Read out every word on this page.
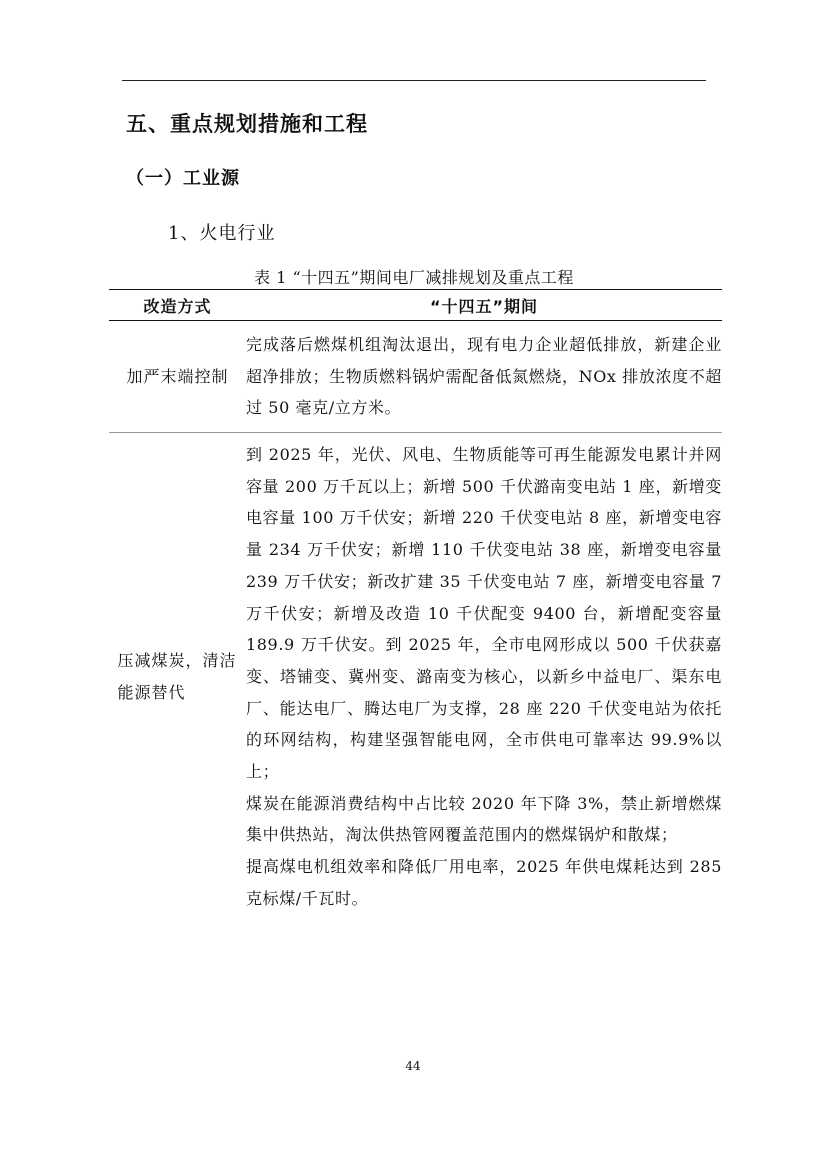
五、重点规划措施和工程
（一）工业源
1、火电行业
表 1 “十四五”期间电厂减排规划及重点工程
改造方式	“十四五”期间
加严末端控制	完成落后燃煤机组淘汰退出，现有电力企业超低排放，新建企业超净排放；生物质燃料锅炉需配备低氮燃烧，NOx 排放浓度不超过 50 毫克/立方米。

压减煤炭，清洁能源替代	到 2025 年，光伏、风电、生物质能等可再生能源发电累计并网容量 200 万千瓦以上；新增 500 千伏潞南变电站 1 座，新增变电容量 100 万千伏安；新增 220 千伏变电站 8 座，新增变电容量 234 万千伏安；新增 110 千伏变电站 38 座，新增变电容量 239 万千伏安；新改扩建 35 千伏变电站 7 座，新增变电容量 7 万千伏安；新增及改造 10 千伏配变 9400 台，新增配变容量 189.9 万千伏安。到 2025 年，全市电网形成以 500 千伏获嘉变、塔铺变、冀州变、潞南变为核心，以新乡中益电厂、渠东电厂、能达电厂、腾达电厂为支撑，28 座 220 千伏变电站为依托的环网结构，构建坚强智能电网，全市供电可靠率达 99.9%以上；

煤炭在能源消费结构中占比较 2020 年下降 3%，禁止新增燃煤集中供热站，淘汰供热管网覆盖范围内的燃煤锅炉和散煤；

提高煤电机组效率和降低厂用电率，2025 年供电煤耗达到 285 克标煤/千瓦时。

44
